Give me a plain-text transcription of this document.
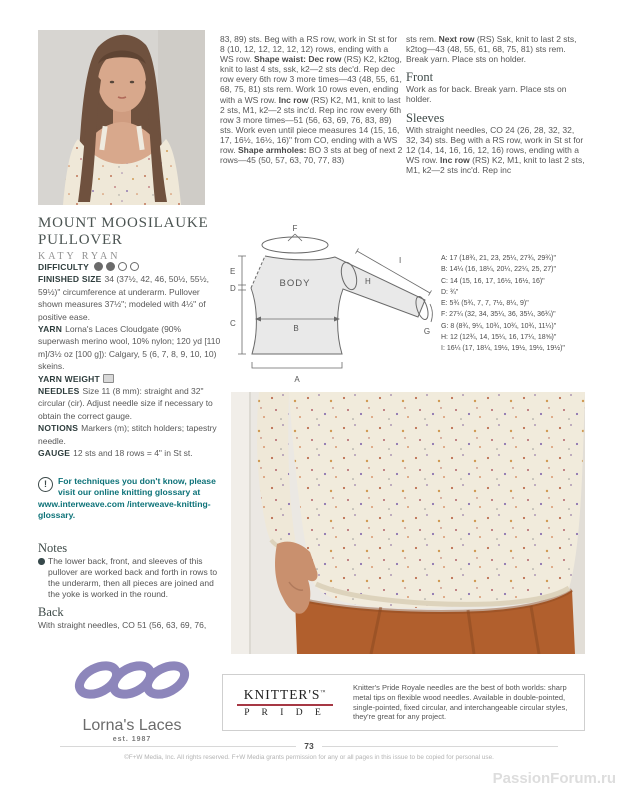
83, 89) sts. Beg with a RS row, work in St st for 8 (10, 12, 12, 12, 12, 12) rows, ending with a WS row. Shape waist: Dec row (RS) K2, k2tog, knit to last 4 sts, ssk, k2—2 sts dec'd. Rep dec row every 6th row 3 more times—43 (48, 55, 61, 68, 75, 81) sts rem. Work 10 rows even, ending with a WS row. Inc row (RS) K2, M1, knit to last 2 sts, M1, k2—2 sts inc'd. Rep inc row every 6th row 3 more times—51 (56, 63, 69, 76, 83, 89) sts. Work even until piece measures 14 (15, 16, 17, 16½, 16½, 16)" from CO, ending with a WS row. Shape armholes: BO 3 sts at beg of next 2 rows—45 (50, 57, 63, 70, 77, 83)

sts rem. Next row (RS) Ssk, knit to last 2 sts, k2tog—43 (48, 55, 61, 68, 75, 81) sts rem. Break yarn. Place sts on holder.

Front

Work as for back. Break yarn. Place sts on holder.

Sleeves

With straight needles, CO 24 (26, 28, 32, 32, 32, 34) sts. Beg with a RS row, work in St st for 12 (14, 14, 16, 16, 12, 16) rows, ending with a WS row. Inc row (RS) K2, M1, knit to last 2 sts, M1, k2—2 sts inc'd. Rep inc

MOUNT MOOSILAUKE
PULLOVER
KATY RYAN

DIFFICULTY

FINISHED SIZE 34 (37½, 42, 46, 50½, 55½, 59½)" circumference at underarm. Pullover shown measures 37½"; modeled with 4½" of positive ease.

YARN Lorna's Laces Cloudgate (90% superwash merino wool, 10% nylon; 120 yd [110 m]/3½ oz [100 g]): Calgary, 5 (6, 7, 8, 9, 10, 10) skeins.

YARN WEIGHT

NEEDLES Size 11 (8 mm): straight and 32" circular (cir). Adjust needle size if necessary to obtain the correct gauge.

NOTIONS Markers (m); stitch holders; tapestry needle.

GAUGE 12 sts and 18 rows = 4" in St st.

!	For techniques you don't know, please visit our online knitting glossary at www.interweave.com /interweave-knitting-glossary.
Notes
The lower back, front, and sleeves of this pullover are worked back and forth in rows to the underarm, then all pieces are joined and the yoke is worked in the round.
Back

With straight needles, CO 51 (56, 63, 69, 76,

F
E
D
C
BODY
B
A
H
I
G
A: 17 (18¾, 21, 23, 25¼, 27¾, 29¾)"
B: 14¼ (16, 18¼, 20¼, 22¼, 25, 27)"
C: 14 (15, 16, 17, 16½, 16½, 16)"
D: ¾"
E: 5¾ (5¾, 7, 7, 7½, 8¼, 9)"
F: 27¼ (32, 34, 35¼, 36, 35¼, 36¾)"
G: 8 (8¾, 9¼, 10¾, 10¾, 10¾, 11¼)"
H: 12 (12¾, 14, 15¼, 16, 17¼, 18⅝)"
I: 16¼ (17, 18¼, 19½, 19½, 19½, 19½)"
Lorna's Laces
est. 1987
KNITTER'S™
P R I D E
Knitter's Pride Royale needles are the best of both worlds: sharp metal tips on flexible wood needles. Available in double-pointed, single-pointed, fixed circular, and interchangeable circular styles, they're great for any project.
73
©F+W Media, Inc. All rights reserved. F+W Media grants permission for any or all pages in this issue to be copied for personal use.
PassionForum.ru
